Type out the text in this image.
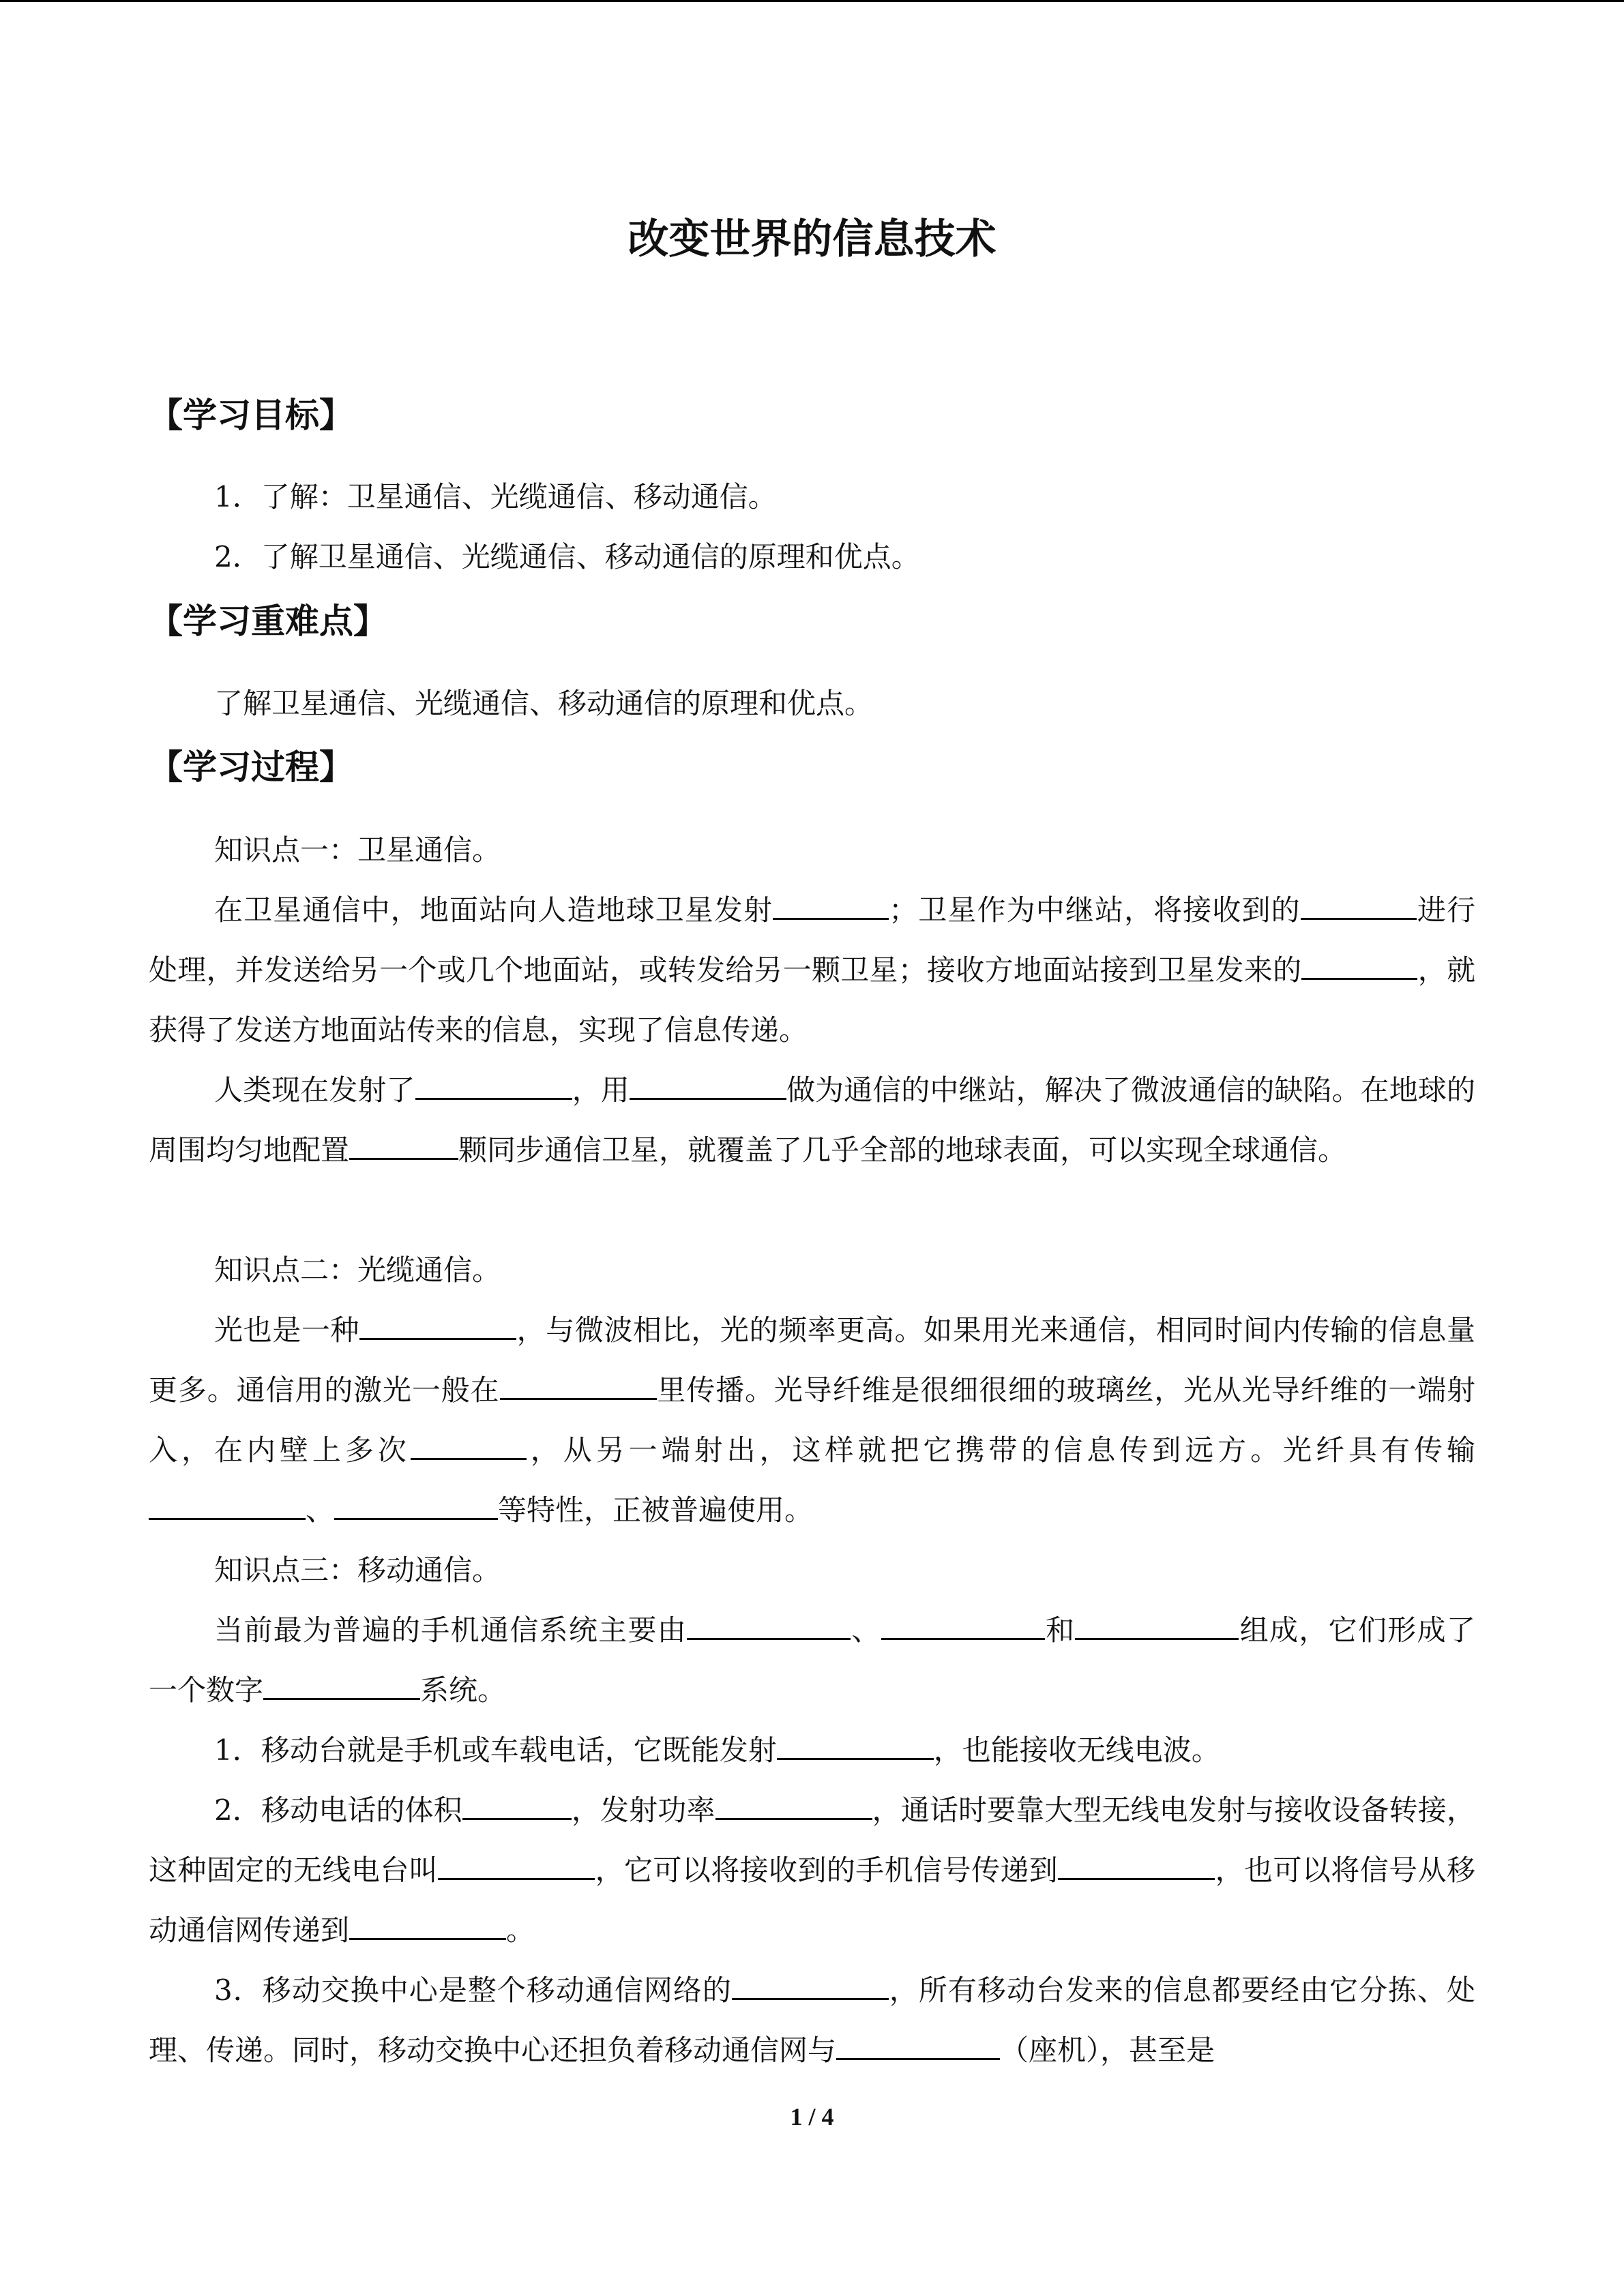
改变世界的信息技术
【学习目标】
1．了解：卫星通信、光缆通信、移动通信。
2．了解卫星通信、光缆通信、移动通信的原理和优点。
【学习重难点】
了解卫星通信、光缆通信、移动通信的原理和优点。
【学习过程】
知识点一：卫星通信。
在卫星通信中，地面站向人造地球卫星发射	；卫星作为中继站，将接收到的	进行处理，并发送给另一个或几个地面站，或转发给另一颗卫星；接收方地面站接到卫星发来的	，就获得了发送方地面站传来的信息，实现了信息传递。
人类现在发射了	，用	做为通信的中继站，解决了微波通信的缺陷。在地球的周围均匀地配置	颗同步通信卫星，就覆盖了几乎全部的地球表面，可以实现全球通信。
知识点二：光缆通信。
光也是一种	，与微波相比，光的频率更高。如果用光来通信，相同时间内传输的信息量更多。通信用的激光一般在	里传播。光导纤维是很细很细的玻璃丝，光从光导纤维的一端射入，在内壁上多次	，从另一端射出，这样就把它携带的信息传到远方。光纤具有传输、	等特性，正被普遍使用。
知识点三：移动通信。
当前最为普遍的手机通信系统主要由	、	和	组成，它们形成了一个数字	系统。
1．移动台就是手机或车载电话，它既能发射	，也能接收无线电波。
2．移动电话的体积	，发射功率	，通话时要靠大型无线电发射与接收设备转接，这种固定的无线电台叫	，它可以将接收到的手机信号传递到	，也可以将信号从移动通信网传递到	。
3．移动交换中心是整个移动通信网络的	，所有移动台发来的信息都要经由它分拣、处理、传递。同时，移动交换中心还担负着移动通信网与	（座机），甚至是
1 / 4
